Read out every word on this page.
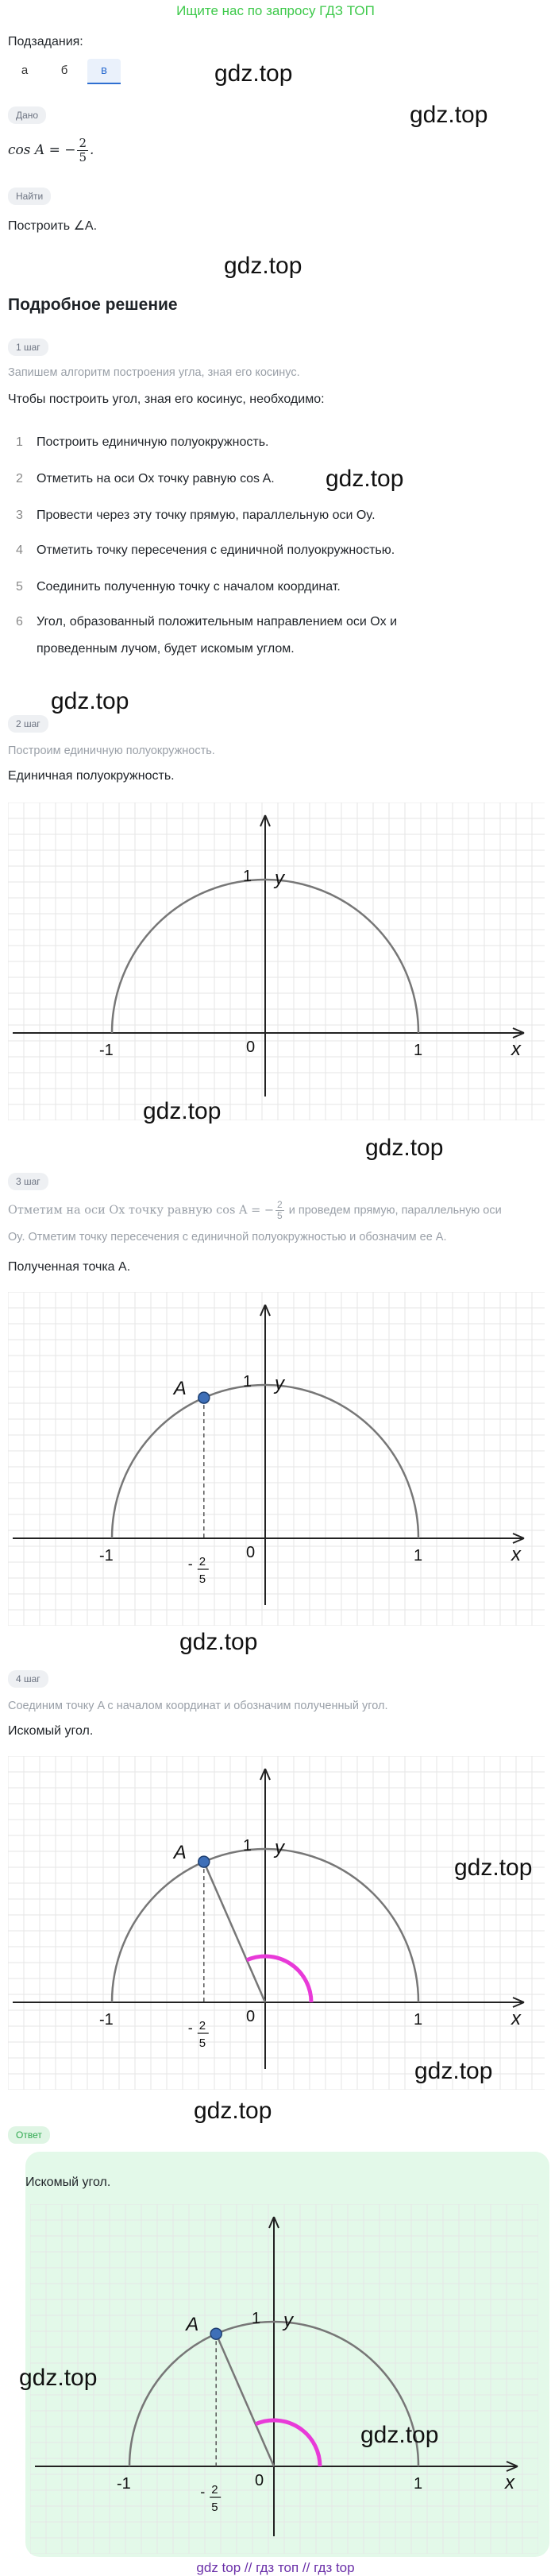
Ищите нас по запросу ГДЗ ТОП
Подзадания:
а	б	в	gdz.top
gdz.top
Дано
cos A = − $\frac{2}{5}$ .
Найти
Построить ∠A.
gdz.top
Подробное решение
1 шаг
Запишем алгоритм построения угла, зная его косинус.
Чтобы построить угол, зная его косинус, необходимо:
1 Построить единичную полуокружность.
2 Отметить на оси Ox точку равную cos A. gdz.top
3 Провести через эту точку прямую, параллельную оси Oy.
4 Отметить точку пересечения с единичной полуокружностью.
5 Соединить полученную точку с началом координат.
6 Угол, образованный положительным направлением оси Ox и
проведенным лучом, будет искомым углом.
gdz.top
2 шаг
Построим единичную полуокружность.
Единичная полуокружность.
x
y
1
-1	1
0
gdz.top
gdz.top
3 шаг
Отметим на оси Ox точку равную cos A = − $\frac{2}{5}$ и проведем прямую, параллельную оси
Oy. Отметим точку пересечения с единичной полуокружностью и обозначим ее A.
Полученная точка A.
x
y
1
-1	1
0
A
- 2
5
gdz.top
4 шаг
Соединим точку A с началом координат и обозначим полученный угол.
Искомый угол.
x
y
1
-1	1
0
A
- 2
5
gdz.top
gdz.top
gdz.top
Ответ
Искомый угол.
x
y
1
-1	1
0
A
- 2
5
gdz.top
gdz.top
gdz top // гдз топ // гдз top
